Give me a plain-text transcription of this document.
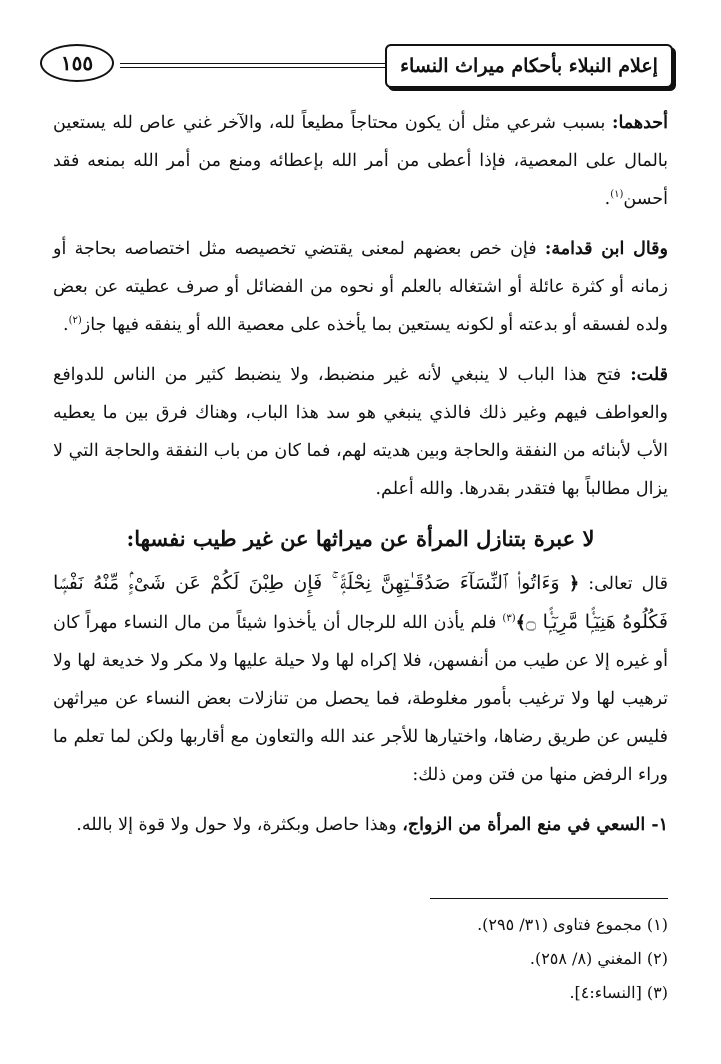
إعلام النبلاء بأحكام ميراث النساء
١٥٥

أحدهما: بسبب شرعي مثل أن يكون محتاجاً مطيعاً لله، والآخر غني عاص لله يستعين بالمال على المعصية، فإذا أعطى من أمر الله بإعطائه ومنع من أمر الله بمنعه فقد أحسن$^{(١)}$.

وقال ابن قدامة: فإن خص بعضهم لمعنى يقتضي تخصيصه مثل اختصاصه بحاجة أو زمانه أو كثرة عائلة أو اشتغاله بالعلم أو نحوه من الفضائل أو صرف عطيته عن بعض ولده لفسقه أو بدعته أو لكونه يستعين بما يأخذه على معصية الله أو ينفقه فيها جاز$^{(٢)}$.

قلت: فتح هذا الباب لا ينبغي لأنه غير منضبط، ولا ينضبط كثير من الناس للدوافع والعواطف فيهم وغير ذلك فالذي ينبغي هو سد هذا الباب، وهناك فرق بين ما يعطيه الأب لأبنائه من النفقة والحاجة وبين هديته لهم، فما كان من باب النفقة والحاجة التي لا يزال مطالباً بها فتقدر بقدرها. والله أعلم.

لا عبرة بتنازل المرأة عن ميراثها عن غير طيب نفسها:

قال تعالى: ﴿ وَءَاتُوا۟ ٱلنِّسَآءَ صَدُقَـٰتِهِنَّ نِحْلَةًۭ ۚ فَإِن طِبْنَ لَكُمْ عَن شَىْءٍۢ مِّنْهُ نَفْسًۭا فَكُلُوهُ هَنِيٓـًۭٔا مَّرِيٓـًۭٔا ۝﴾$^{(٣)}$ فلم يأذن الله للرجال أن يأخذوا شيئاً من مال النساء مهراً كان أو غيره إلا عن طيب من أنفسهن، فلا إكراه لها ولا حيلة عليها ولا مكر ولا خديعة لها ولا ترهيب لها ولا ترغيب بأمور مغلوطة، فما يحصل من تنازلات بعض النساء عن ميراثهن فليس عن طريق رضاها، واختيارها للأجر عند الله والتعاون مع أقاربها ولكن لما تعلم ما وراء الرفض منها من فتن ومن ذلك:

١- السعي في منع المرأة من الزواج، وهذا حاصل وبكثرة، ولا حول ولا قوة إلا بالله.

(١) مجموع فتاوى (٣١/ ٢٩٥).

(٢) المغني (٨/ ٢٥٨).

(٣) [النساء:٤].
